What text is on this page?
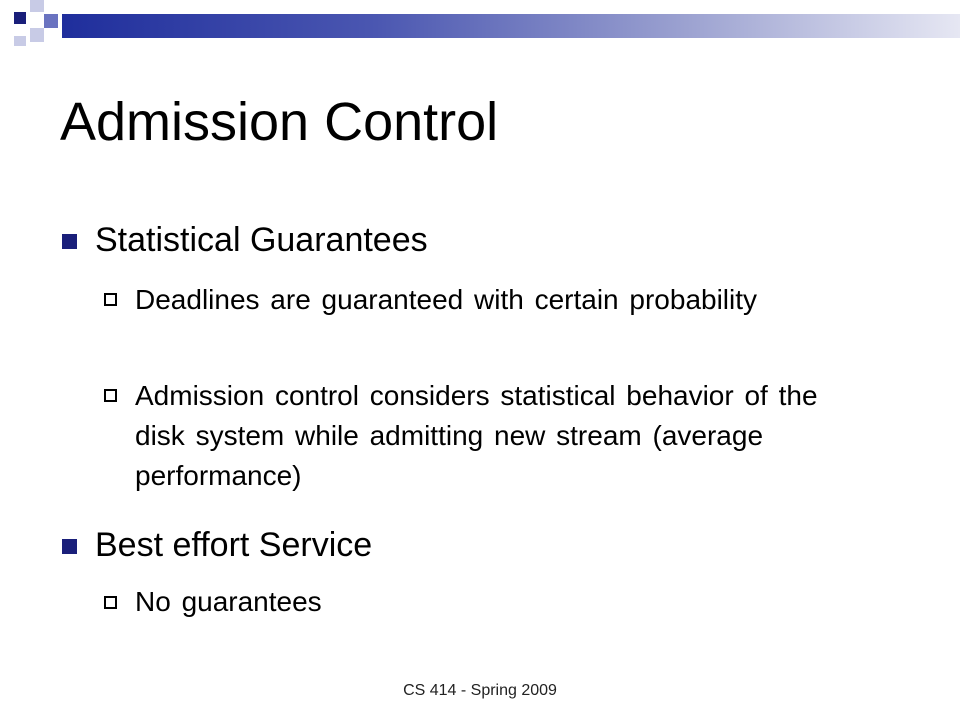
Admission Control
Statistical Guarantees
Deadlines are guaranteed with certain probability
Admission control considers statistical behavior of the disk system while admitting new stream (average performance)
Best effort Service
No guarantees
CS 414 - Spring 2009
